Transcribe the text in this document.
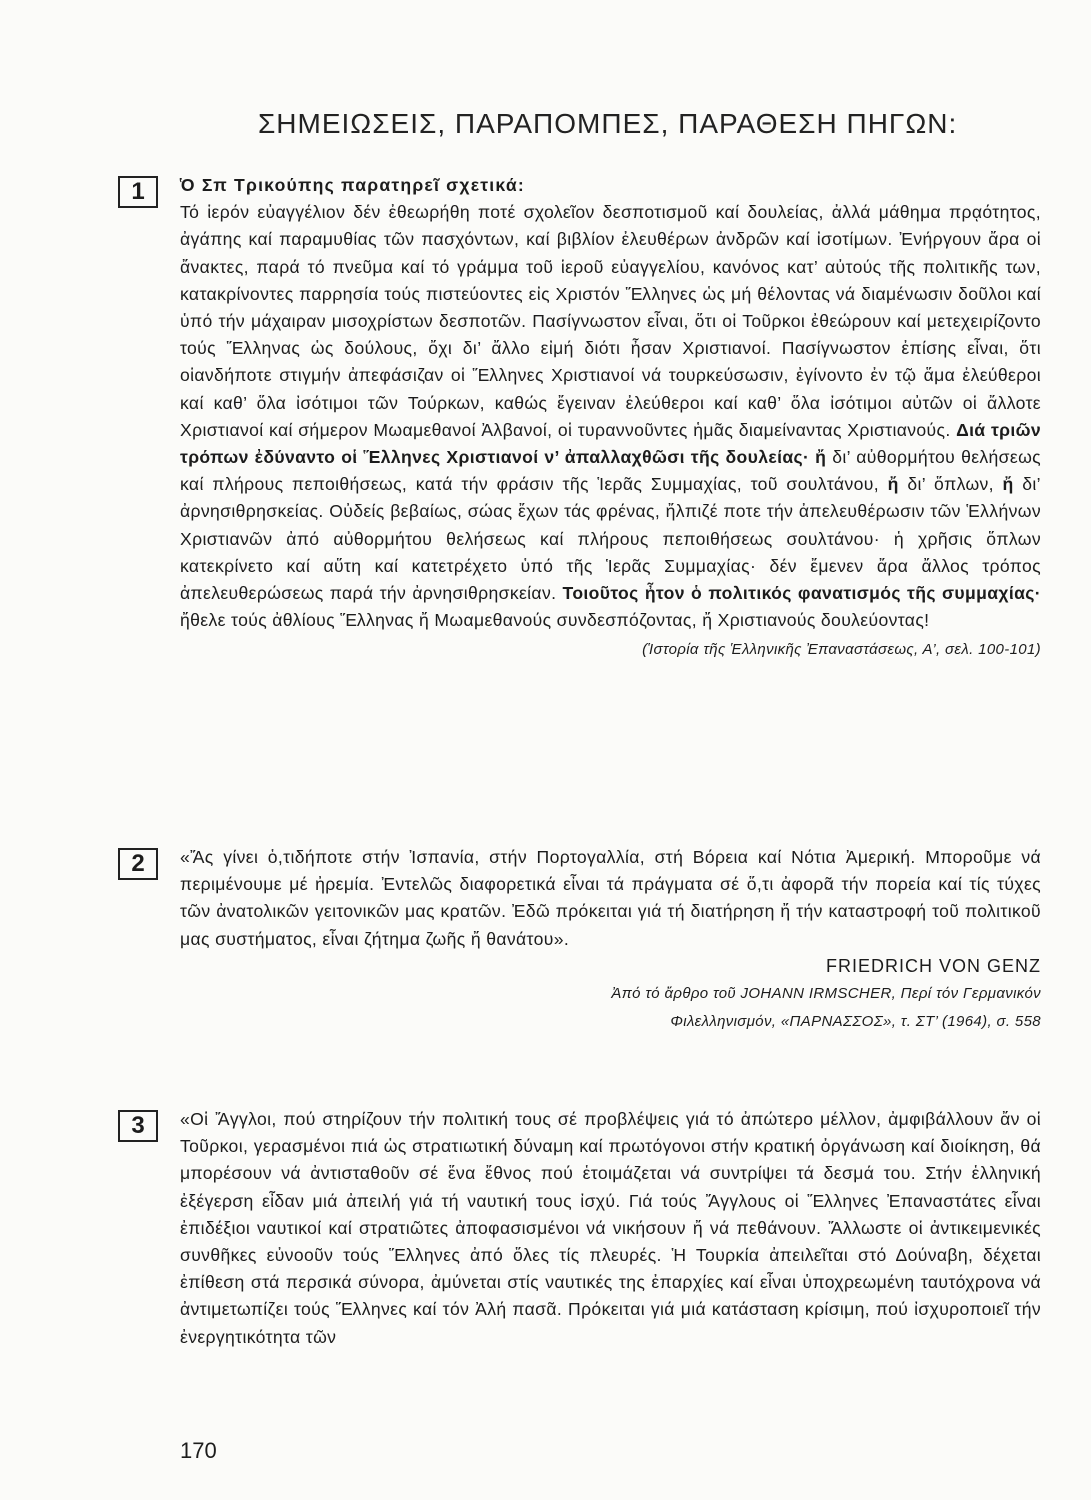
ΣΗΜΕΙΩΣΕΙΣ, ΠΑΡΑΠΟΜΠΕΣ, ΠΑΡΑΘΕΣΗ ΠΗΓΩΝ:
1	Ὁ Σπ Τρικούπης παρατηρεῖ σχετικά:
Τό ἱερόν εὐαγγέλιον δέν ἐθεωρήθη ποτέ σχολεῖον δεσποτισμοῦ καί δουλείας, ἀλλά μάθημα πρᾳότητος, ἀγάπης καί παραμυθίας τῶν πασχόντων, καί βιβλίον ἐλευθέρων ἀνδρῶν καί ἰσοτίμων. Ἐνήργουν ἄρα οἱ ἄνακτες, παρά τό πνεῦμα καί τό γράμμα τοῦ ἱεροῦ εὐαγγελίου, κανόνος κατ’ αὐτούς τῆς πολιτικῆς των, κατακρίνοντες παρρησία τούς πιστεύοντες εἰς Χριστόν Ἕλληνες ὡς μή θέλοντας νά διαμένωσιν δοῦλοι καί ὑπό τήν μάχαιραν μισοχρίστων δεσποτῶν. Πασίγνωστον εἶναι, ὅτι οἱ Τοῦρκοι ἐθεώρουν καί μετεχειρίζοντο τούς Ἕλληνας ὡς δούλους, ὄχι δι’ ἄλλο εἰμή διότι ἦσαν Χριστιανοί. Πασίγνωστον ἐπίσης εἶναι, ὅτι οἱανδήποτε στιγμήν ἀπεφάσιζαν οἱ Ἕλληνες Χριστιανοί νά τουρκεύσωσιν, ἐγίνοντο ἐν τῷ ἅμα ἐλεύθεροι καί καθ’ ὅλα ἰσότιμοι τῶν Τούρκων, καθώς ἔγειναν ἐλεύθεροι καί καθ’ ὅλα ἰσότιμοι αὐτῶν οἱ ἄλλοτε Χριστιανοί καί σήμερον Μωαμεθανοί Ἀλβανοί, οἱ τυραννοῦντες ἡμᾶς διαμείναντας Χριστιανούς. Διά τριῶν τρόπων ἐδύναντο οἱ Ἕλληνες Χριστιανοί ν’ ἀπαλλαχθῶσι τῆς δουλείας· ἤ δι’ αὐθορμήτου θελήσεως καί πλήρους πεποιθήσεως, κατά τήν φράσιν τῆς Ἱερᾶς Συμμαχίας, τοῦ σουλτάνου, ἤ δι’ ὅπλων, ἤ δι’ ἀρνησιθρησκείας. Οὐδείς βεβαίως, σώας ἔχων τάς φρένας, ἤλπιζέ ποτε τήν ἀπελευθέρωσιν τῶν Ἑλλήνων Χριστιανῶν ἀπό αὐθορμήτου θελήσεως καί πλήρους πεποιθήσεως σουλτάνου· ἡ χρῆσις ὅπλων κατεκρίνετο καί αὕτη καί κατετρέχετο ὑπό τῆς Ἱερᾶς Συμμαχίας· δέν ἔμενεν ἄρα ἄλλος τρόπος ἀπελευθερώσεως παρά τήν ἀρνησιθρησκείαν. Τοιοῦτος ἦτον ὁ πολιτικός φανατισμός τῆς συμμαχίας· ἤθελε τούς ἀθλίους Ἕλληνας ἤ Μωαμεθανούς συνδεσπόζοντας, ἤ Χριστιανούς δουλεύοντας!

(Ἱστορία τῆς Ἑλληνικῆς Ἐπαναστάσεως, Α’, σελ. 100-101)
2	«Ἄς γίνει ὁ,τιδήποτε στήν Ἰσπανία, στήν Πορτογαλλία, στή Βόρεια καί Νότια Ἀμερική. Μποροῦμε νά περιμένουμε μέ ἠρεμία. Ἐντελῶς διαφορετικά εἶναι τά πράγματα σέ ὅ,τι ἀφορᾶ τήν πορεία καί τίς τύχες τῶν ἀνατολικῶν γειτονικῶν μας κρατῶν. Ἐδῶ πρόκειται γιά τή διατήρηση ἤ τήν καταστροφή τοῦ πολιτικοῦ μας συστήματος, εἶναι ζήτημα ζωῆς ἤ θανάτου».

FRIEDRICH VON GENZ
Ἀπό τό ἄρθρο τοῦ JOHANN IRMSCHER, Περί τόν Γερμανικόν
Φιλελληνισμόν, «ΠΑΡΝΑΣΣΟΣ», τ. ΣΤ’ (1964), σ. 558
3	«Οἱ Ἄγγλοι, πού στηρίζουν τήν πολιτική τους σέ προβλέψεις γιά τό ἀπώτερο μέλλον, ἀμφιβάλλουν ἄν οἱ Τοῦρκοι, γερασμένοι πιά ὡς στρατιωτική δύναμη καί πρωτόγονοι στήν κρατική ὀργάνωση καί διοίκηση, θά μπορέσουν νά ἀντισταθοῦν σέ ἕνα ἔθνος πού ἑτοιμάζεται νά συντρίψει τά δεσμά του. Στήν ἑλληνική ἐξέγερση εἶδαν μιά ἀπειλή γιά τή ναυτική τους ἰσχύ. Γιά τούς Ἄγγλους οἱ Ἕλληνες Ἐπαναστάτες εἶναι ἐπιδέξιοι ναυτικοί καί στρατιῶτες ἀποφασισμένοι νά νικήσουν ἤ νά πεθάνουν. Ἄλλωστε οἱ ἀντικειμενικές συνθῆκες εὐνοοῦν τούς Ἕλληνες ἀπό ὅλες τίς πλευρές. Ἡ Τουρκία ἀπειλεῖται στό Δούναβη, δέχεται ἐπίθεση στά περσικά σύνορα, ἀμύνεται στίς ναυτικές της ἐπαρχίες καί εἶναι ὑποχρεωμένη ταυτόχρονα νά ἀντιμετωπίζει τούς Ἕλληνες καί τόν Ἀλή πασᾶ. Πρόκειται γιά μιά κατάσταση κρίσιμη, πού ἰσχυροποιεῖ τήν ἐνεργητικότητα τῶν

170
